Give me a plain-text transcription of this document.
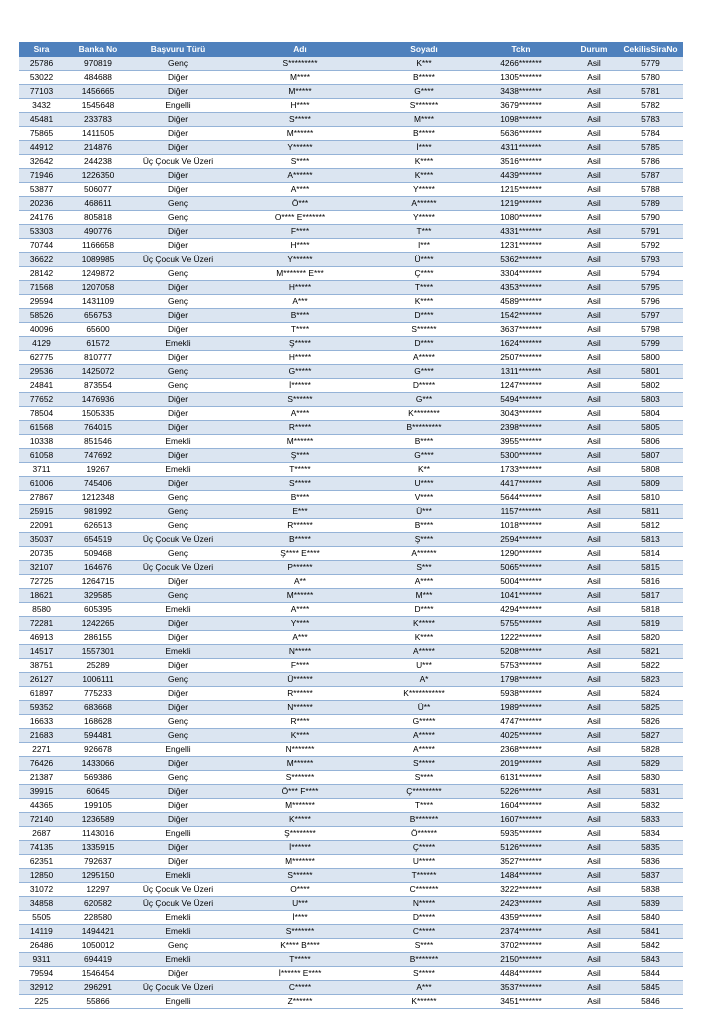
Sıra	Banka No	Başvuru Türü	Adı	Soyadı	Tckn	Durum	CekilisSiraNo
25786	970819	Genç	S*********	K***	4266*******	Asil	5779
53022	484688	Diğer	M****	B*****	1305*******	Asil	5780
77103	1456665	Diğer	M*****	G****	3438*******	Asil	5781
3432	1545648	Engelli	H****	S*******	3679*******	Asil	5782
45481	233783	Diğer	S*****	M****	1098*******	Asil	5783
75865	1411505	Diğer	M******	B*****	5636*******	Asil	5784
44912	214876	Diğer	Y******	İ****	4311*******	Asil	5785
32642	244238	Üç Çocuk Ve Üzeri	S****	K****	3516*******	Asil	5786
71946	1226350	Diğer	A******	K****	4439*******	Asil	5787
53877	506077	Diğer	A****	Y*****	1215*******	Asil	5788
20236	468611	Genç	Ö***	A******	1219*******	Asil	5789
24176	805818	Genç	O**** E*******	Y*****	1080*******	Asil	5790
53303	490776	Diğer	F****	T***	4331*******	Asil	5791
70744	1166658	Diğer	H****	I***	1231*******	Asil	5792
36622	1089985	Üç Çocuk Ve Üzeri	Y******	Ü****	5362*******	Asil	5793
28142	1249872	Genç	M******* E***	Ç****	3304*******	Asil	5794
71568	1207058	Diğer	H*****	T****	4353*******	Asil	5795
29594	1431109	Genç	A***	K****	4589*******	Asil	5796
58526	656753	Diğer	B****	D****	1542*******	Asil	5797
40096	65600	Diğer	T****	S******	3637*******	Asil	5798
4129	61572	Emekli	Ş*****	D****	1624*******	Asil	5799
62775	810777	Diğer	H*****	A*****	2507*******	Asil	5800
29536	1425072	Genç	G*****	G****	1311*******	Asil	5801
24841	873554	Genç	İ******	D*****	1247*******	Asil	5802
77652	1476936	Diğer	S******	G***	5494*******	Asil	5803
78504	1505335	Diğer	A****	K********	3043*******	Asil	5804
61568	764015	Diğer	R*****	B*********	2398*******	Asil	5805
10338	851546	Emekli	M******	B****	3955*******	Asil	5806
61058	747692	Diğer	Ş****	G****	5300*******	Asil	5807
3711	19267	Emekli	T*****	K**	1733*******	Asil	5808
61006	745406	Diğer	S*****	U****	4417*******	Asil	5809
27867	1212348	Genç	B****	V****	5644*******	Asil	5810
25915	981992	Genç	E***	Ü***	1157*******	Asil	5811
22091	626513	Genç	R******	B****	1018*******	Asil	5812
35037	654519	Üç Çocuk Ve Üzeri	B*****	Ş****	2594*******	Asil	5813
20735	509468	Genç	Ş**** E****	A******	1290*******	Asil	5814
32107	164676	Üç Çocuk Ve Üzeri	P******	S***	5065*******	Asil	5815
72725	1264715	Diğer	A**	A****	5004*******	Asil	5816
18621	329585	Genç	M******	M***	1041*******	Asil	5817
8580	605395	Emekli	A****	D****	4294*******	Asil	5818
72281	1242265	Diğer	Y****	K*****	5755*******	Asil	5819
46913	286155	Diğer	A***	K****	1222*******	Asil	5820
14517	1557301	Emekli	N*****	A*****	5208*******	Asil	5821
38751	25289	Diğer	F****	U***	5753*******	Asil	5822
26127	1006111	Genç	Ü******	A*	1798*******	Asil	5823
61897	775233	Diğer	R******	K***********	5938*******	Asil	5824
59352	683668	Diğer	N******	Ü**	1989*******	Asil	5825
16633	168628	Genç	R****	G*****	4747*******	Asil	5826
21683	594481	Genç	K****	A*****	4025*******	Asil	5827
2271	926678	Engelli	N*******	A*****	2368*******	Asil	5828
76426	1433066	Diğer	M******	S*****	2019*******	Asil	5829
21387	569386	Genç	S*******	S****	6131*******	Asil	5830
39915	60645	Diğer	Ö*** F****	Ç*********	5226*******	Asil	5831
44365	199105	Diğer	M*******	T****	1604*******	Asil	5832
72140	1236589	Diğer	K*****	B*******	1607*******	Asil	5833
2687	1143016	Engelli	Ş********	Ö******	5935*******	Asil	5834
74135	1335915	Diğer	İ******	Ç*****	5126*******	Asil	5835
62351	792637	Diğer	M*******	U*****	3527*******	Asil	5836
12850	1295150	Emekli	S******	T******	1484*******	Asil	5837
31072	12297	Üç Çocuk Ve Üzeri	O****	C*******	3222*******	Asil	5838
34858	620582	Üç Çocuk Ve Üzeri	U***	N*****	2423*******	Asil	5839
5505	228580	Emekli	İ****	D*****	4359*******	Asil	5840
14119	1494421	Emekli	S*******	C*****	2374*******	Asil	5841
26486	1050012	Genç	K**** B****	S****	3702*******	Asil	5842
9311	694419	Emekli	T*****	B*******	2150*******	Asil	5843
79594	1546454	Diğer	İ****** E****	S*****	4484*******	Asil	5844
32912	296291	Üç Çocuk Ve Üzeri	C*****	A***	3537*******	Asil	5845
225	55866	Engelli	Z******	K******	3451*******	Asil	5846
